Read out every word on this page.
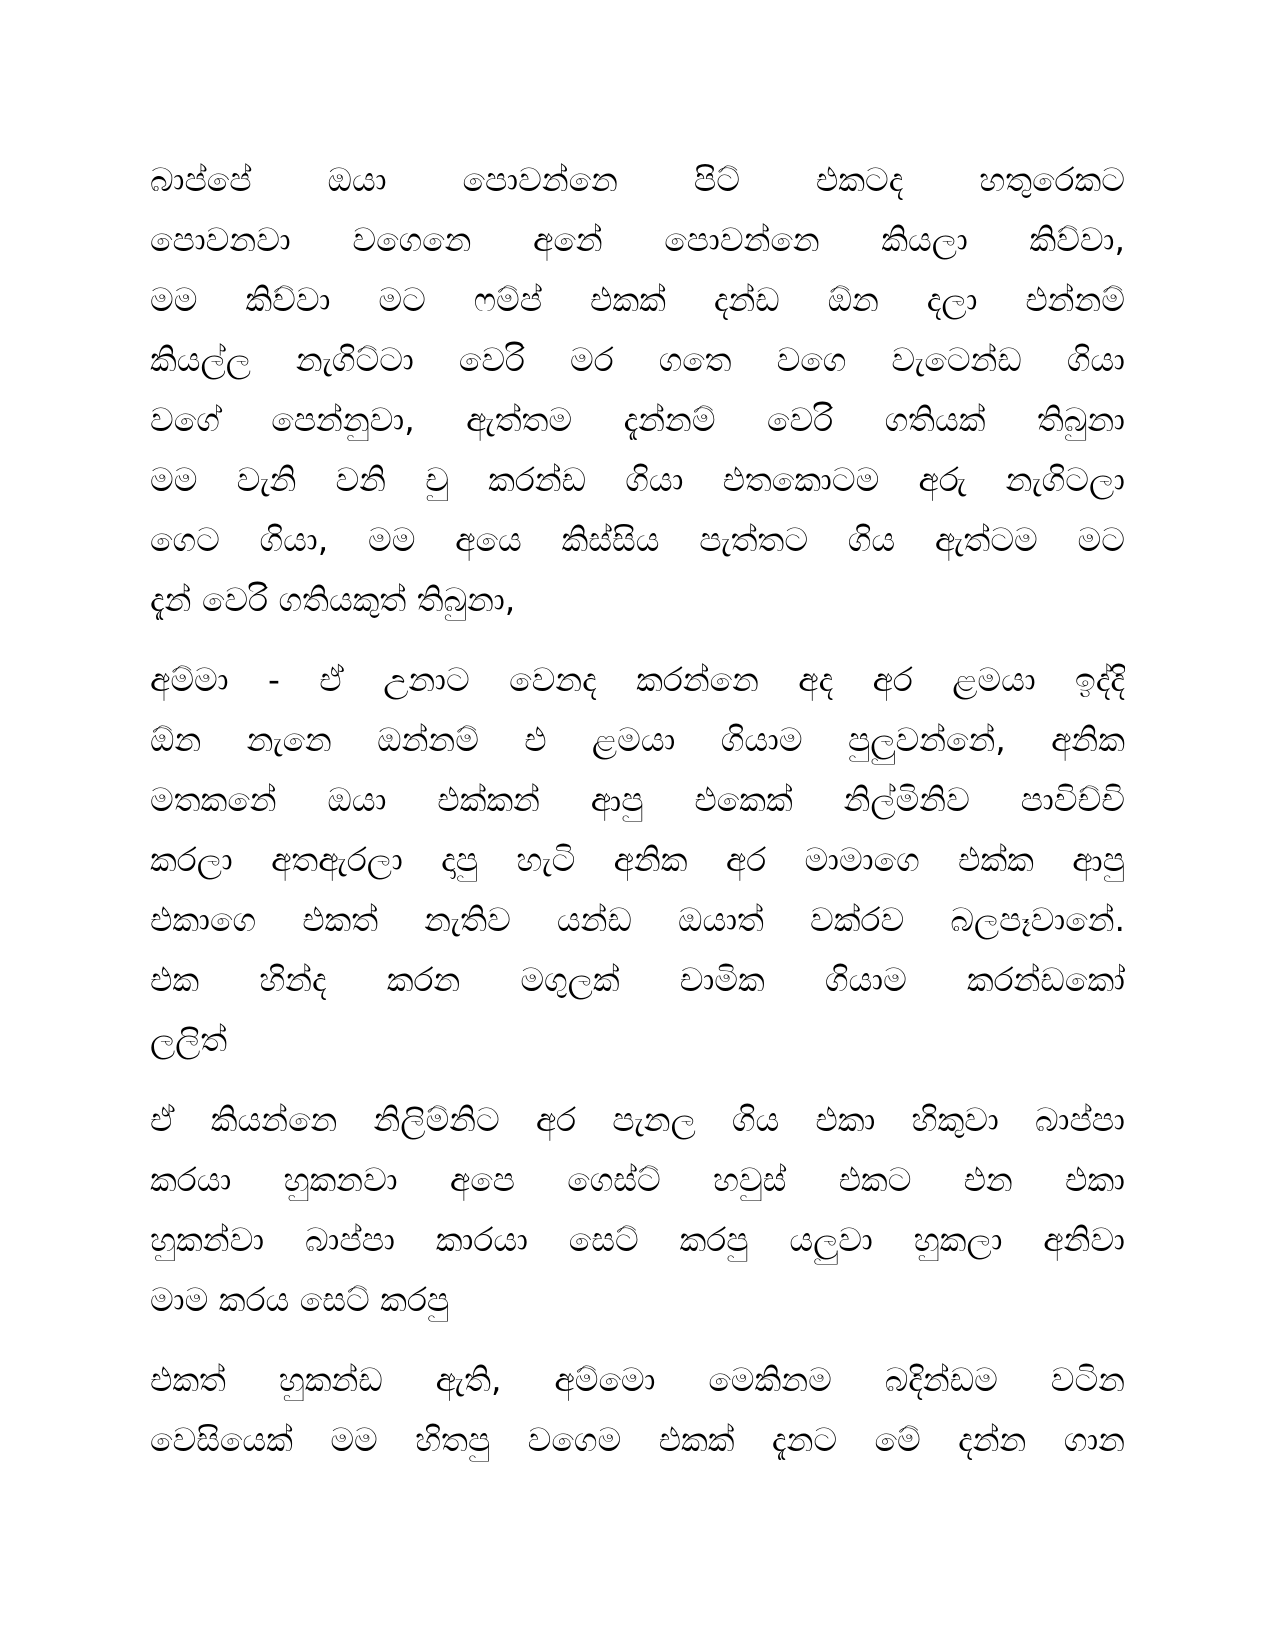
බාප්පේ ඔයා පොවන්නෙ පිට් එකටද හතුරෙකට
පොවනවා වගෙනෙ අනේ පොවන්නෙ කියලා කිව්වා,
මම කිව්වා මට ෆම්ප් එකක් දන්ඩ ඕන දලා එන්නම්
කියල්ල නැගිට්ටා වෙරි මර ගතෙ වගෙ වැටෙන්ඩ ගියා
වගේ පෙන්නුවා, ඇත්තම දැන්නම් වෙරි ගතියක් තිබුනා
මම වැනි වනි චු කරන්ඩ ගියා එතකොටම අරු නැගිටලා
ගෙට ගියා, මම අයෙ කිස්සිය පැත්තට ගිය ඇත්ටම මට
දැන් වෙරි ගතියකුත් තිබුනා,
අම්මා - ඒ උනාට වෙනද කරන්නෙ අද අර ළමයා ඉද්දි
ඕන නැනෙ ඔන්නම් එ ළමයා ගියාම පුලුවන්නේ, අනික
මතකනේ ඔයා එක්කන් ආපු එකෙක් නිල්මිනිව පාවිච්චි
කරලා අතඇරලා දාපු හැටි අනික අර මාමාගෙ එක්ක ආපු
එකාගෙ එකත් නැතිව යන්ඩ ඔයාත් වක්රව බලපෑවානේ.
එක හින්ද කරන මගුලක් චාමික ගියාම කරන්ඩකෝ
ලලිත්
ඒ කියන්නෙ නිලිම්නිට අර පැනල ගිය එකා හිකුවා බාප්පා
කරයා හුකනවා අපෙ ගෙස්ට් හවුස් එකට එන එකා
හුකන්වා බාප්පා කාරයා සෙට් කරපු යලුවා හුකලා අනිවා
මාම කරය සෙට් කරපු
එකත් හුකන්ඩ ඇති, අම්මො මෙකිනම බදින්ඩම වටින
වෙසියෙක් මම හිතපු වගෙම එකක් දැනට මේ දන්න ගාන
